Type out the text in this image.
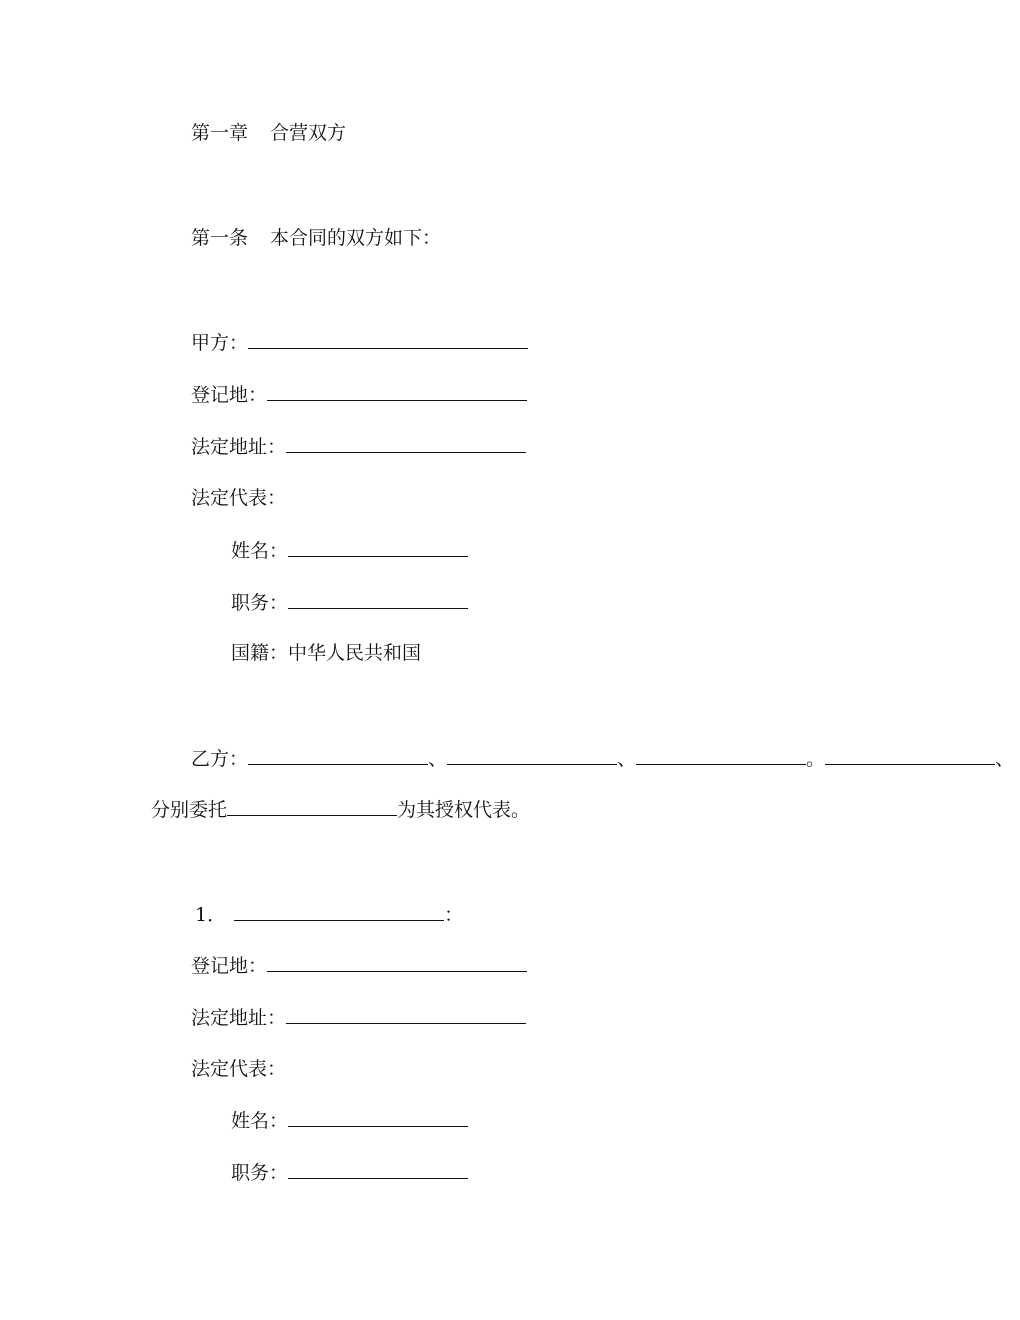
第一章 合营双方
第一条 本合同的双方如下：
甲方：
登记地：
法定地址：
法定代表：
姓名：
职务：
国籍：中华人民共和国
乙方：	、	、	。	、
分别委托	为其授权代表。
1．	：
登记地：
法定地址：
法定代表：
姓名：
职务：
